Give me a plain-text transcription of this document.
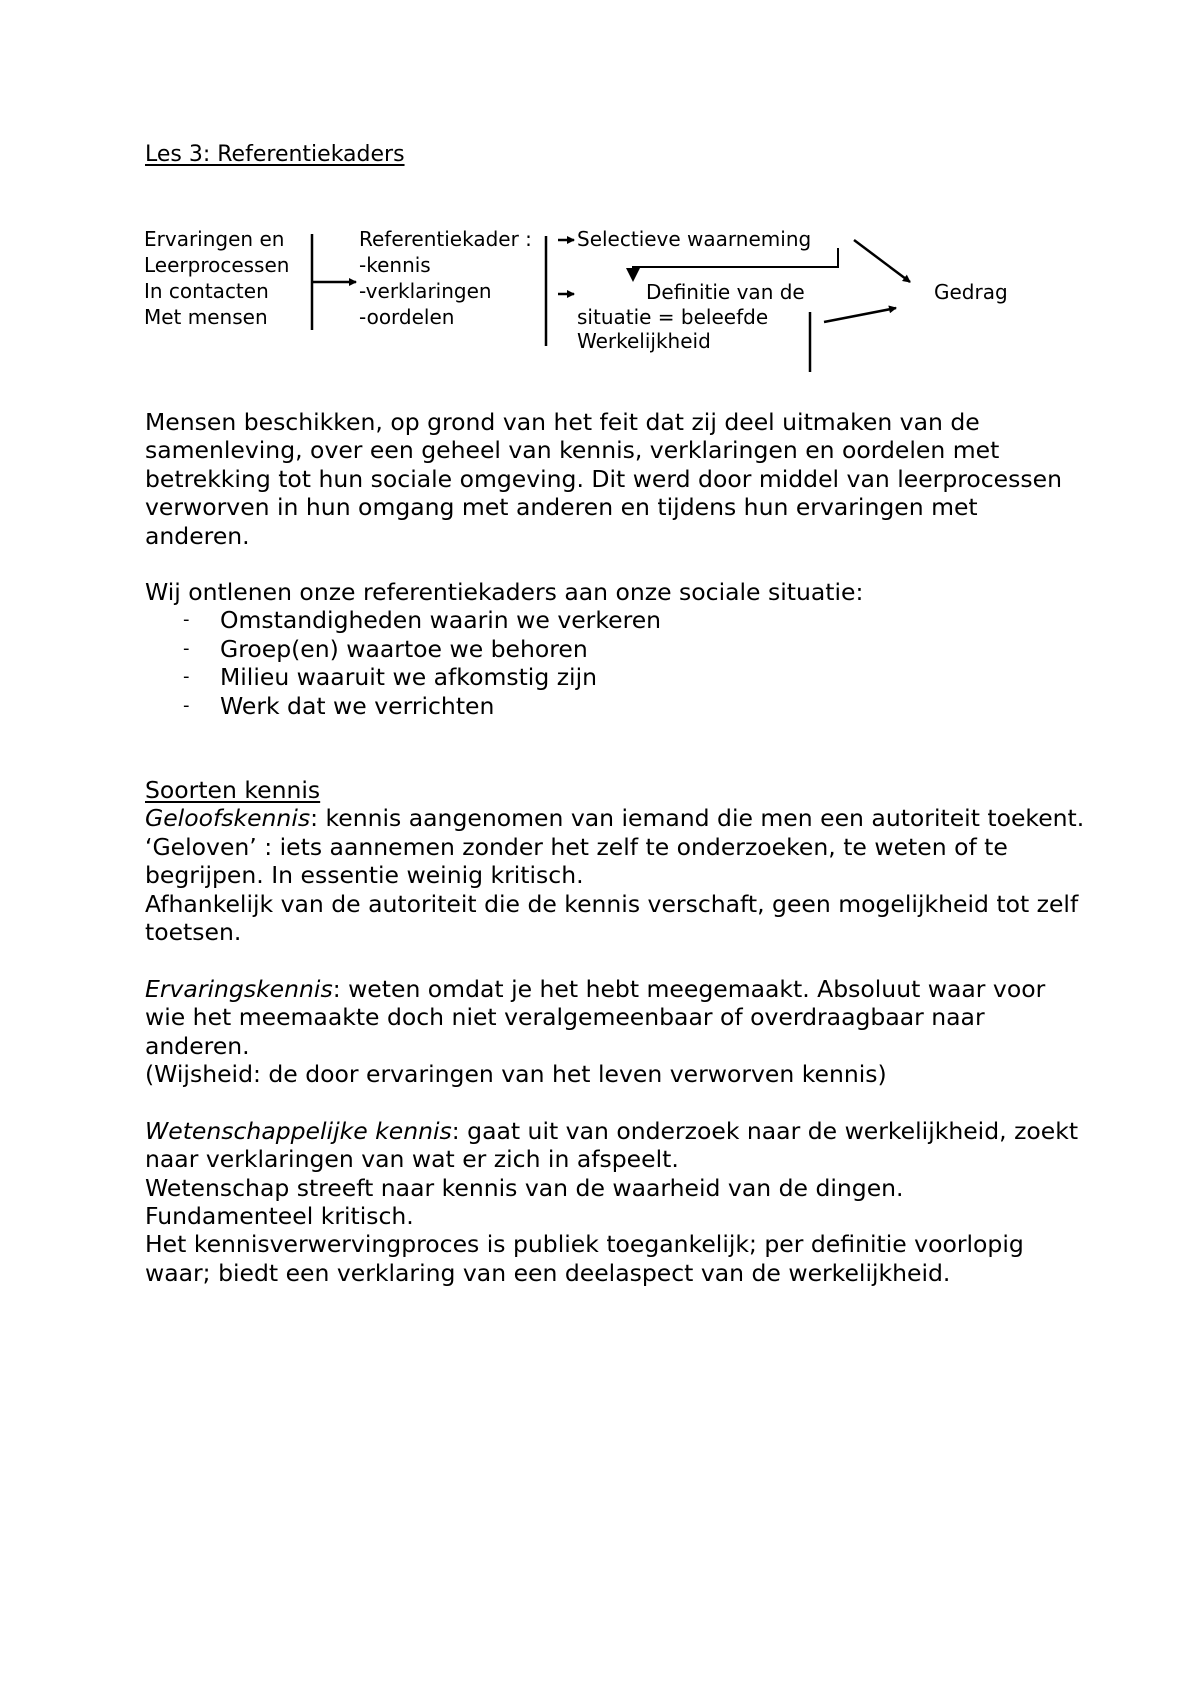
Les 3: Referentiekaders
Ervaringen en
Leerprocessen
In contacten
Met mensen
Referentiekader :
-kennis
-verklaringen
-oordelen
Selectieve waarneming
Definitie van de
situatie = beleefde
Werkelijkheid
Gedrag

Mensen beschikken, op grond van het feit dat zij deel uitmaken van de samenleving, over een geheel van kennis, verklaringen en oordelen met betrekking tot hun sociale omgeving. Dit werd door middel van leerprocessen verworven in hun omgang met anderen en tijdens hun ervaringen met anderen.

Wij ontlenen onze referentiekaders aan onze sociale situatie:

- Omstandigheden waarin we verkeren
- Groep(en) waartoe we behoren
- Milieu waaruit we afkomstig zijn
- Werk dat we verrichten

Soorten kennis

Geloofskennis: kennis aangenomen van iemand die men een autoriteit toekent. ‘Geloven’ : iets aannemen zonder het zelf te onderzoeken, te weten of te begrijpen. In essentie weinig kritisch.

Afhankelijk van de autoriteit die de kennis verschaft, geen mogelijkheid tot zelf toetsen.

Ervaringskennis: weten omdat je het hebt meegemaakt. Absoluut waar voor wie het meemaakte doch niet veralgemeenbaar of overdraagbaar naar anderen.

(Wijsheid: de door ervaringen van het leven verworven kennis)

Wetenschappelijke kennis: gaat uit van onderzoek naar de werkelijkheid, zoekt naar verklaringen van wat er zich in afspeelt.

Wetenschap streeft naar kennis van de waarheid van de dingen.

Fundamenteel kritisch.

Het kennisverwervingproces is publiek toegankelijk; per definitie voorlopig waar; biedt een verklaring van een deelaspect van de werkelijkheid.
